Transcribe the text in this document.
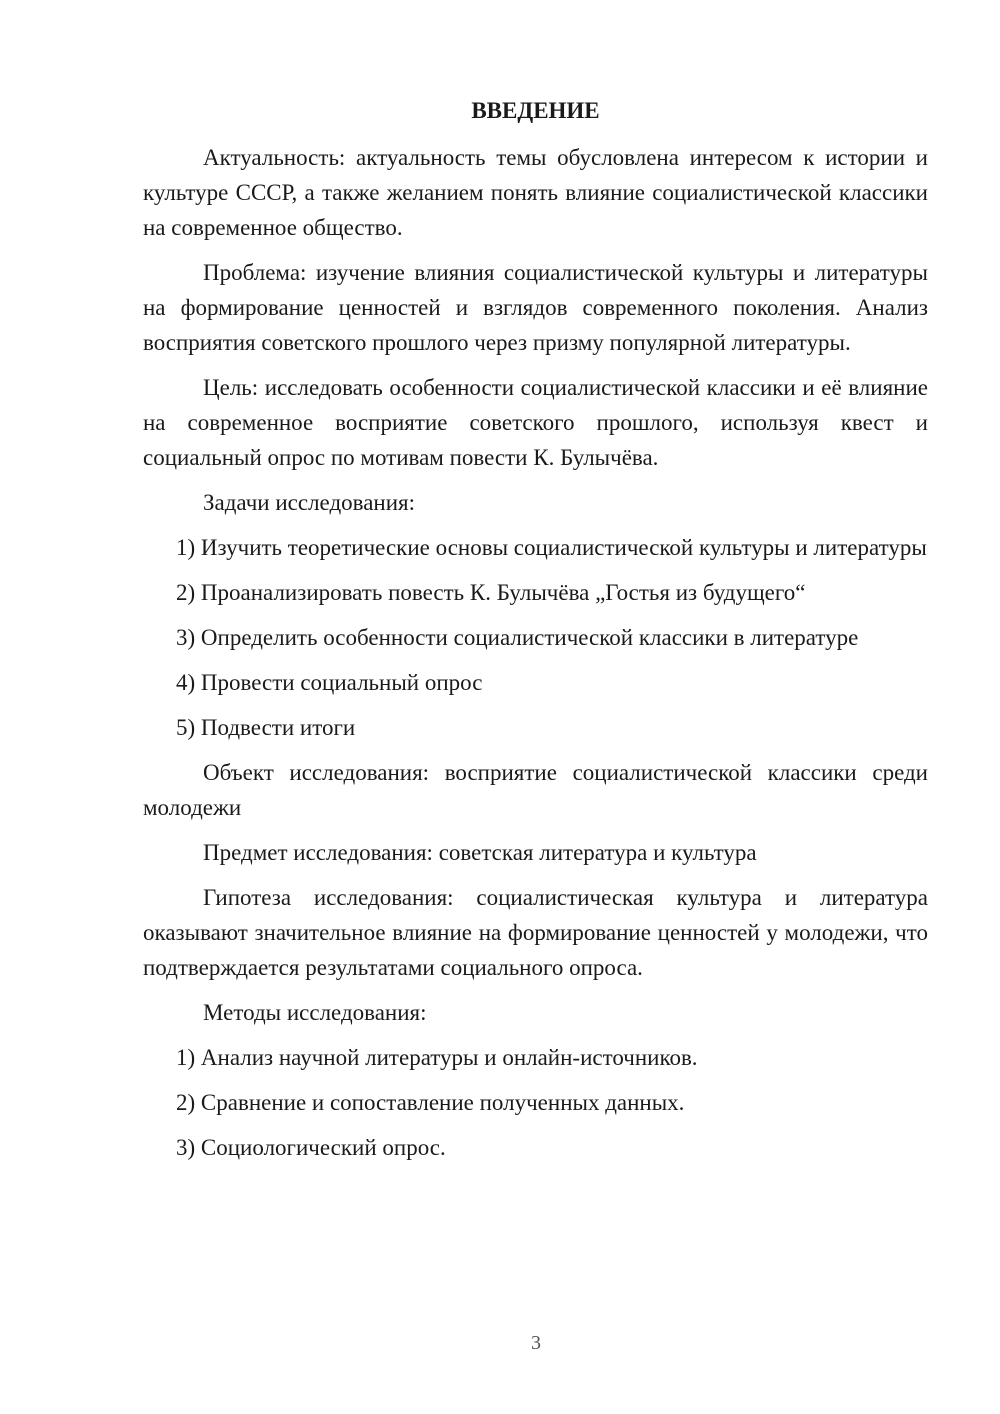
ВВЕДЕНИЕ

Актуальность: актуальность темы обусловлена интересом к истории и культуре СССР, а также желанием понять влияние социалистической классики на современное общество.

Проблема: изучение влияния социалистической культуры и литературы на формирование ценностей и взглядов современного поколения. Анализ восприятия советского прошлого через призму популярной литературы.

Цель: исследовать особенности социалистической классики и её влияние на современное восприятие советского прошлого, используя квест и социальный опрос по мотивам повести К. Булычёва.

Задачи исследования:

1) Изучить теоретические основы социалистической культуры и литературы

2) Проанализировать повесть К. Булычёва „Гостья из будущего“

3) Определить особенности социалистической классики в литературе

4) Провести социальный опрос

5) Подвести итоги

Объект исследования: восприятие социалистической классики среди молодежи

Предмет исследования: советская литература и культура

Гипотеза исследования: социалистическая культура и литература оказывают значительное влияние на формирование ценностей у молодежи, что подтверждается результатами социального опроса.

Методы исследования:

1) Анализ научной литературы и онлайн-источников.

2) Сравнение и сопоставление полученных данных.

3) Социологический опрос.

3
